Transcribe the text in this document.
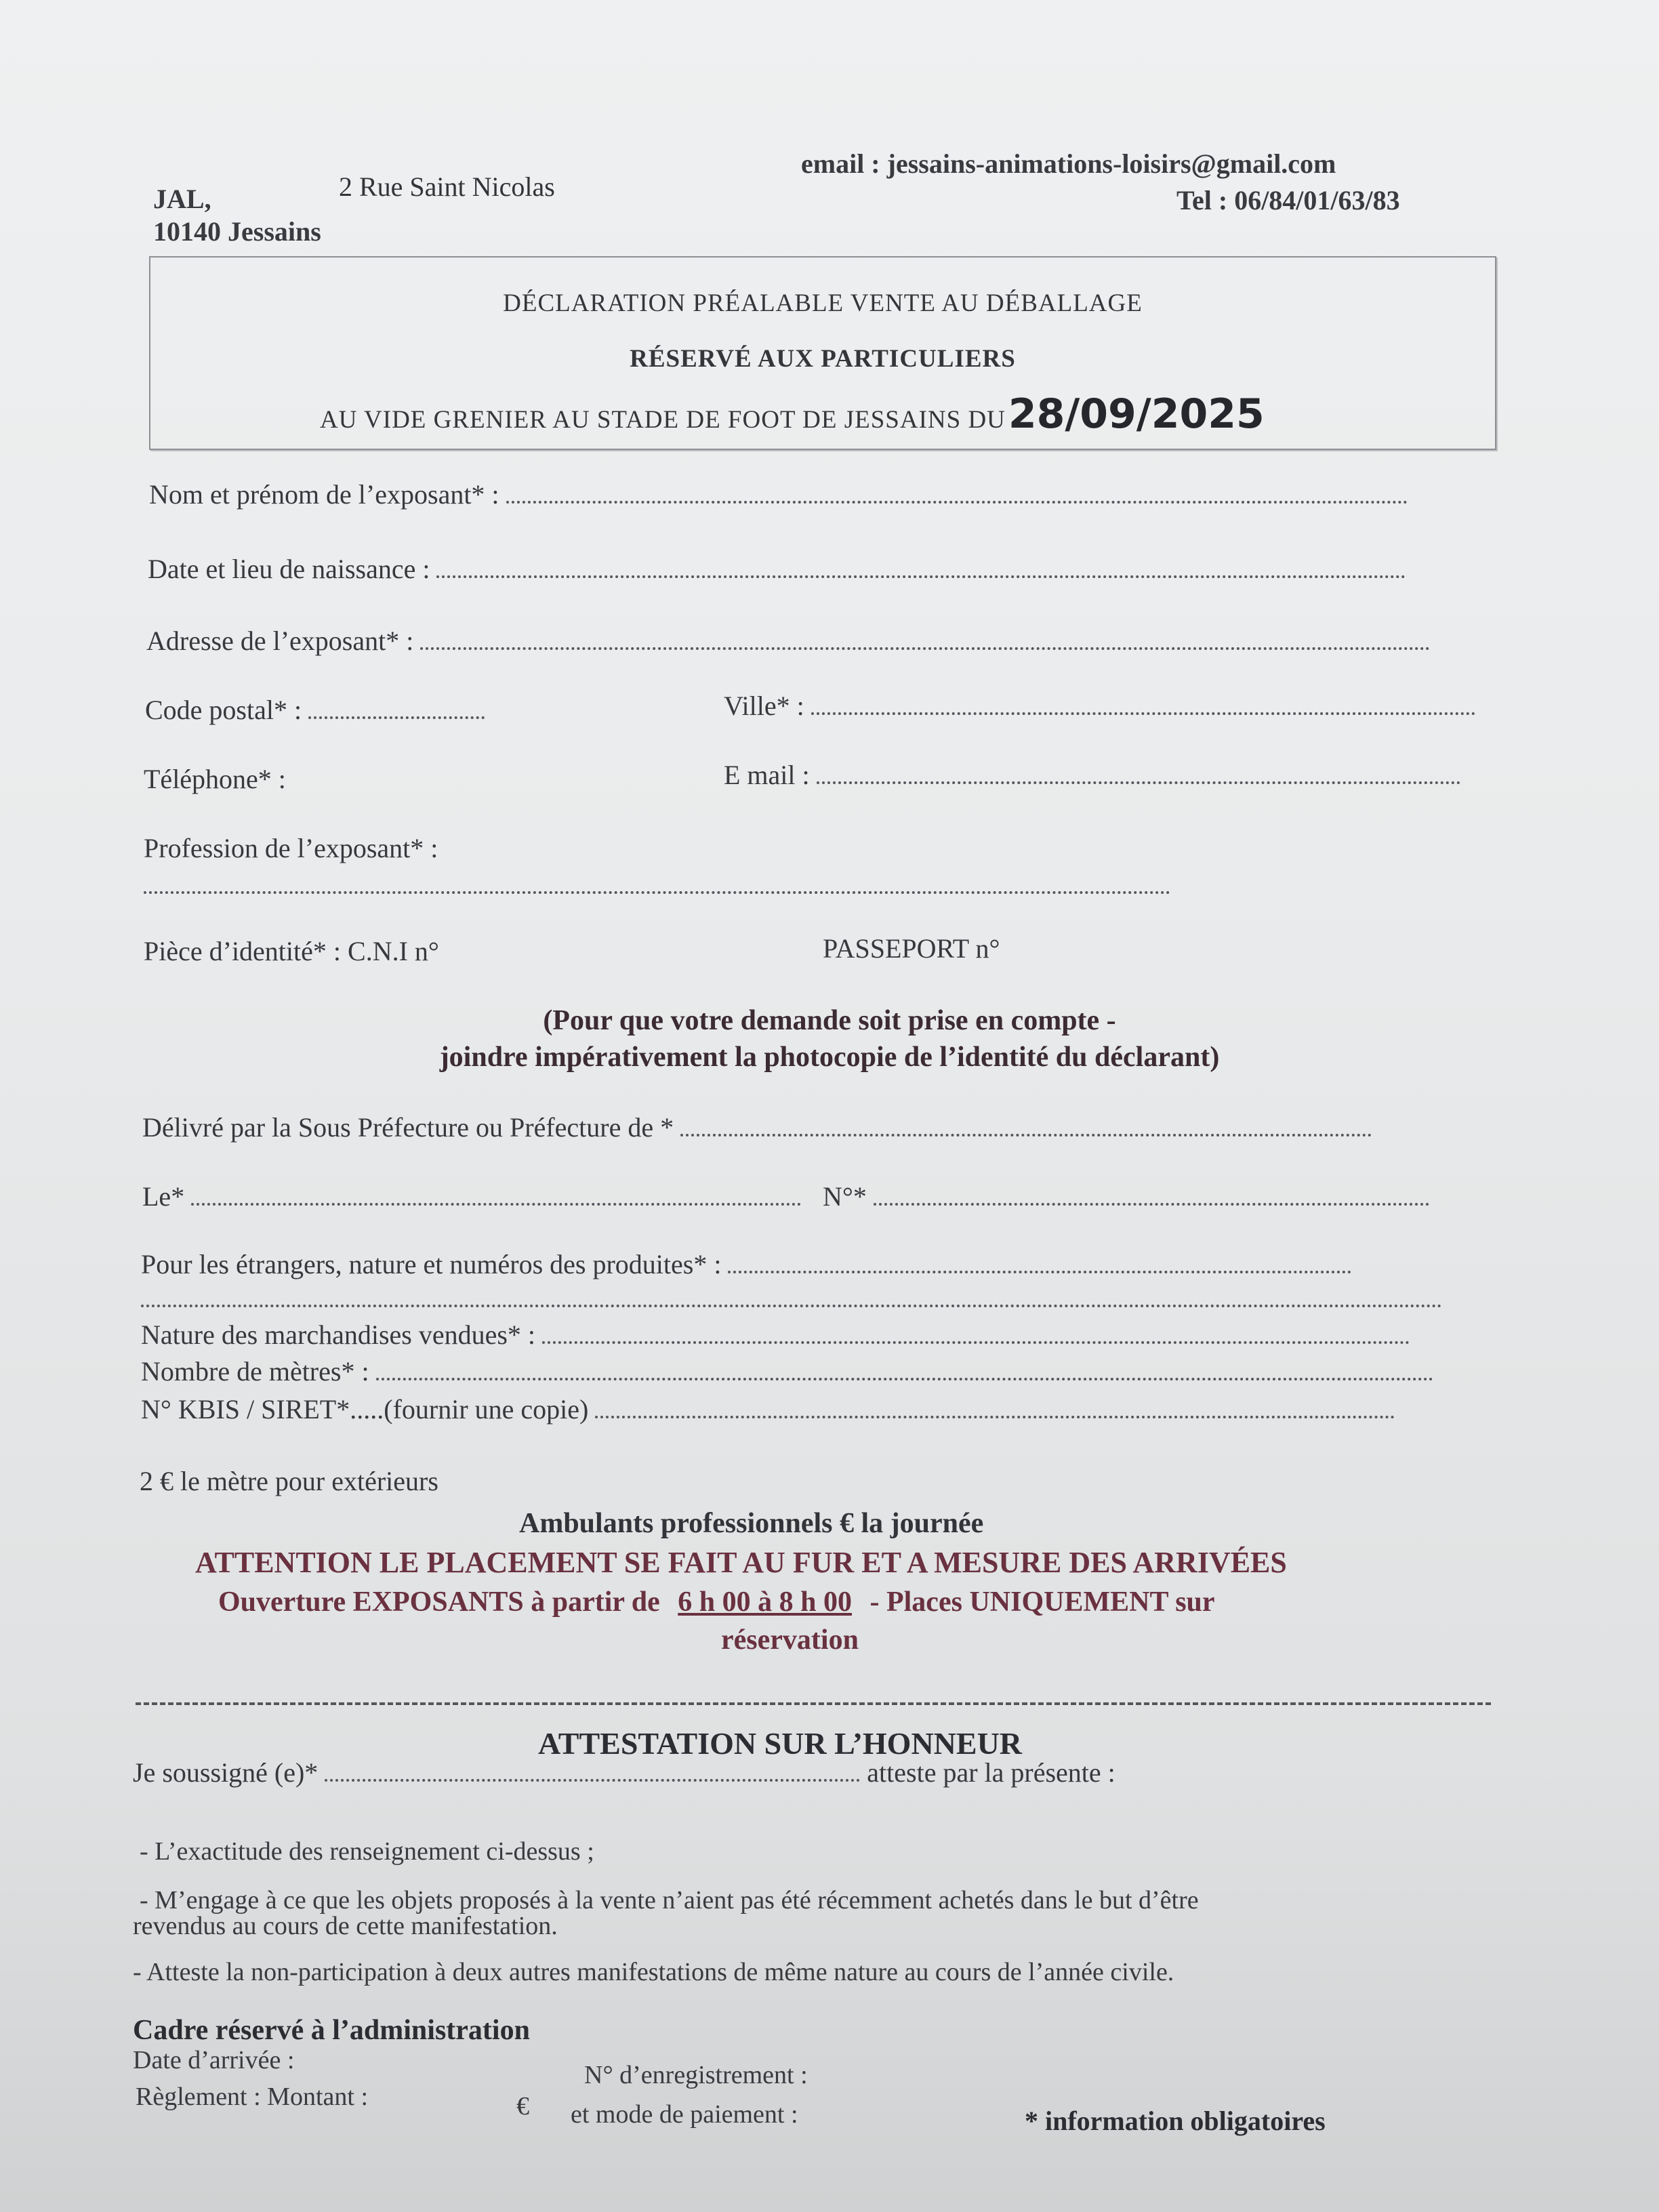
JAL,	2 Rue Saint Nicolas
10140 Jessains
email : jessains-animations-loisirs@gmail.com
Tel : 06/84/01/63/83
DÉCLARATION PRÉALABLE VENTE AU DÉBALLAGE
RÉSERVÉ AUX PARTICULIERS
AU VIDE GRENIER AU STADE DE FOOT DE JESSAINS DU 28/09/2025
Nom et prénom de l’exposant* :
Date et lieu de naissance :
Adresse de l’exposant* :
Code postal* :	Ville* :
Téléphone* :	E mail :
Profession de l’exposant* :
Pièce d’identité* : C.N.I n°	PASSEPORT n°
(Pour que votre demande soit prise en compte -
joindre impérativement la photocopie de l’identité du déclarant)
Délivré par la Sous Préfecture ou Préfecture de *
Le*	N°*
Pour les étrangers, nature et numéros des produites* :
Nature des marchandises vendues* :
Nombre de mètres* :
N° KBIS / SIRET*.....(fournir une copie)
2 € le mètre pour extérieurs
Ambulants professionnels € la journée
ATTENTION LE PLACEMENT SE FAIT AU FUR ET A MESURE DES ARRIVÉES
Ouverture EXPOSANTS à partir de 6 h 00 à 8 h 00 - Places UNIQUEMENT sur
réservation
ATTESTATION SUR L’HONNEUR
Je soussigné (e)*	atteste par la présente :
- L’exactitude des renseignement ci-dessus ;
- M’engage à ce que les objets proposés à la vente n’aient pas été récemment achetés dans le but d’être
revendus au cours de cette manifestation.
- Atteste la non-participation à deux autres manifestations de même nature au cours de l’année civile.
Cadre réservé à l’administration
Date d’arrivée :
N° d’enregistrement :
Règlement : Montant :	€ et mode de paiement :	* information obligatoires
